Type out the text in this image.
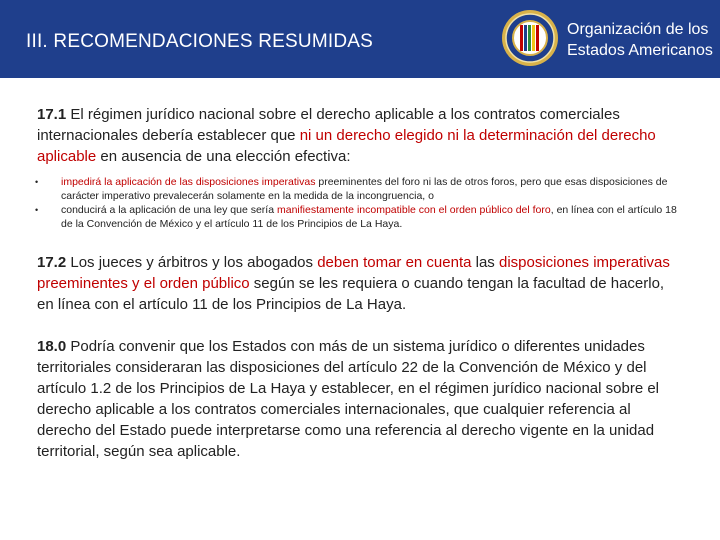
III. RECOMENDACIONES RESUMIDAS
Organización de los
Estados Americanos

17.1 El régimen jurídico nacional sobre el derecho aplicable a los contratos comerciales internacionales debería establecer que ni un derecho elegido ni la determinación del derecho aplicable en ausencia de una elección efectiva:

• impedirá la aplicación de las disposiciones imperativas preeminentes del foro ni las de otros foros, pero que esas disposiciones de carácter imperativo prevalecerán solamente en la medida de la incongruencia, o
• conducirá a la aplicación de una ley que sería manifiestamente incompatible con el orden público del foro, en línea con el artículo 18 de la Convención de México y el artículo 11 de los Principios de La Haya.

17.2 Los jueces y árbitros y los abogados deben tomar en cuenta las disposiciones imperativas preeminentes y el orden público según se les requiera o cuando tengan la facultad de hacerlo, en línea con el artículo 11 de los Principios de La Haya.

18.0 Podría convenir que los Estados con más de un sistema jurídico o diferentes unidades territoriales consideraran las disposiciones del artículo 22 de la Convención de México y del artículo 1.2 de los Principios de La Haya y establecer, en el régimen jurídico nacional sobre el derecho aplicable a los contratos comerciales internacionales, que cualquier referencia al derecho del Estado puede interpretarse como una referencia al derecho vigente en la unidad territorial, según sea aplicable.
